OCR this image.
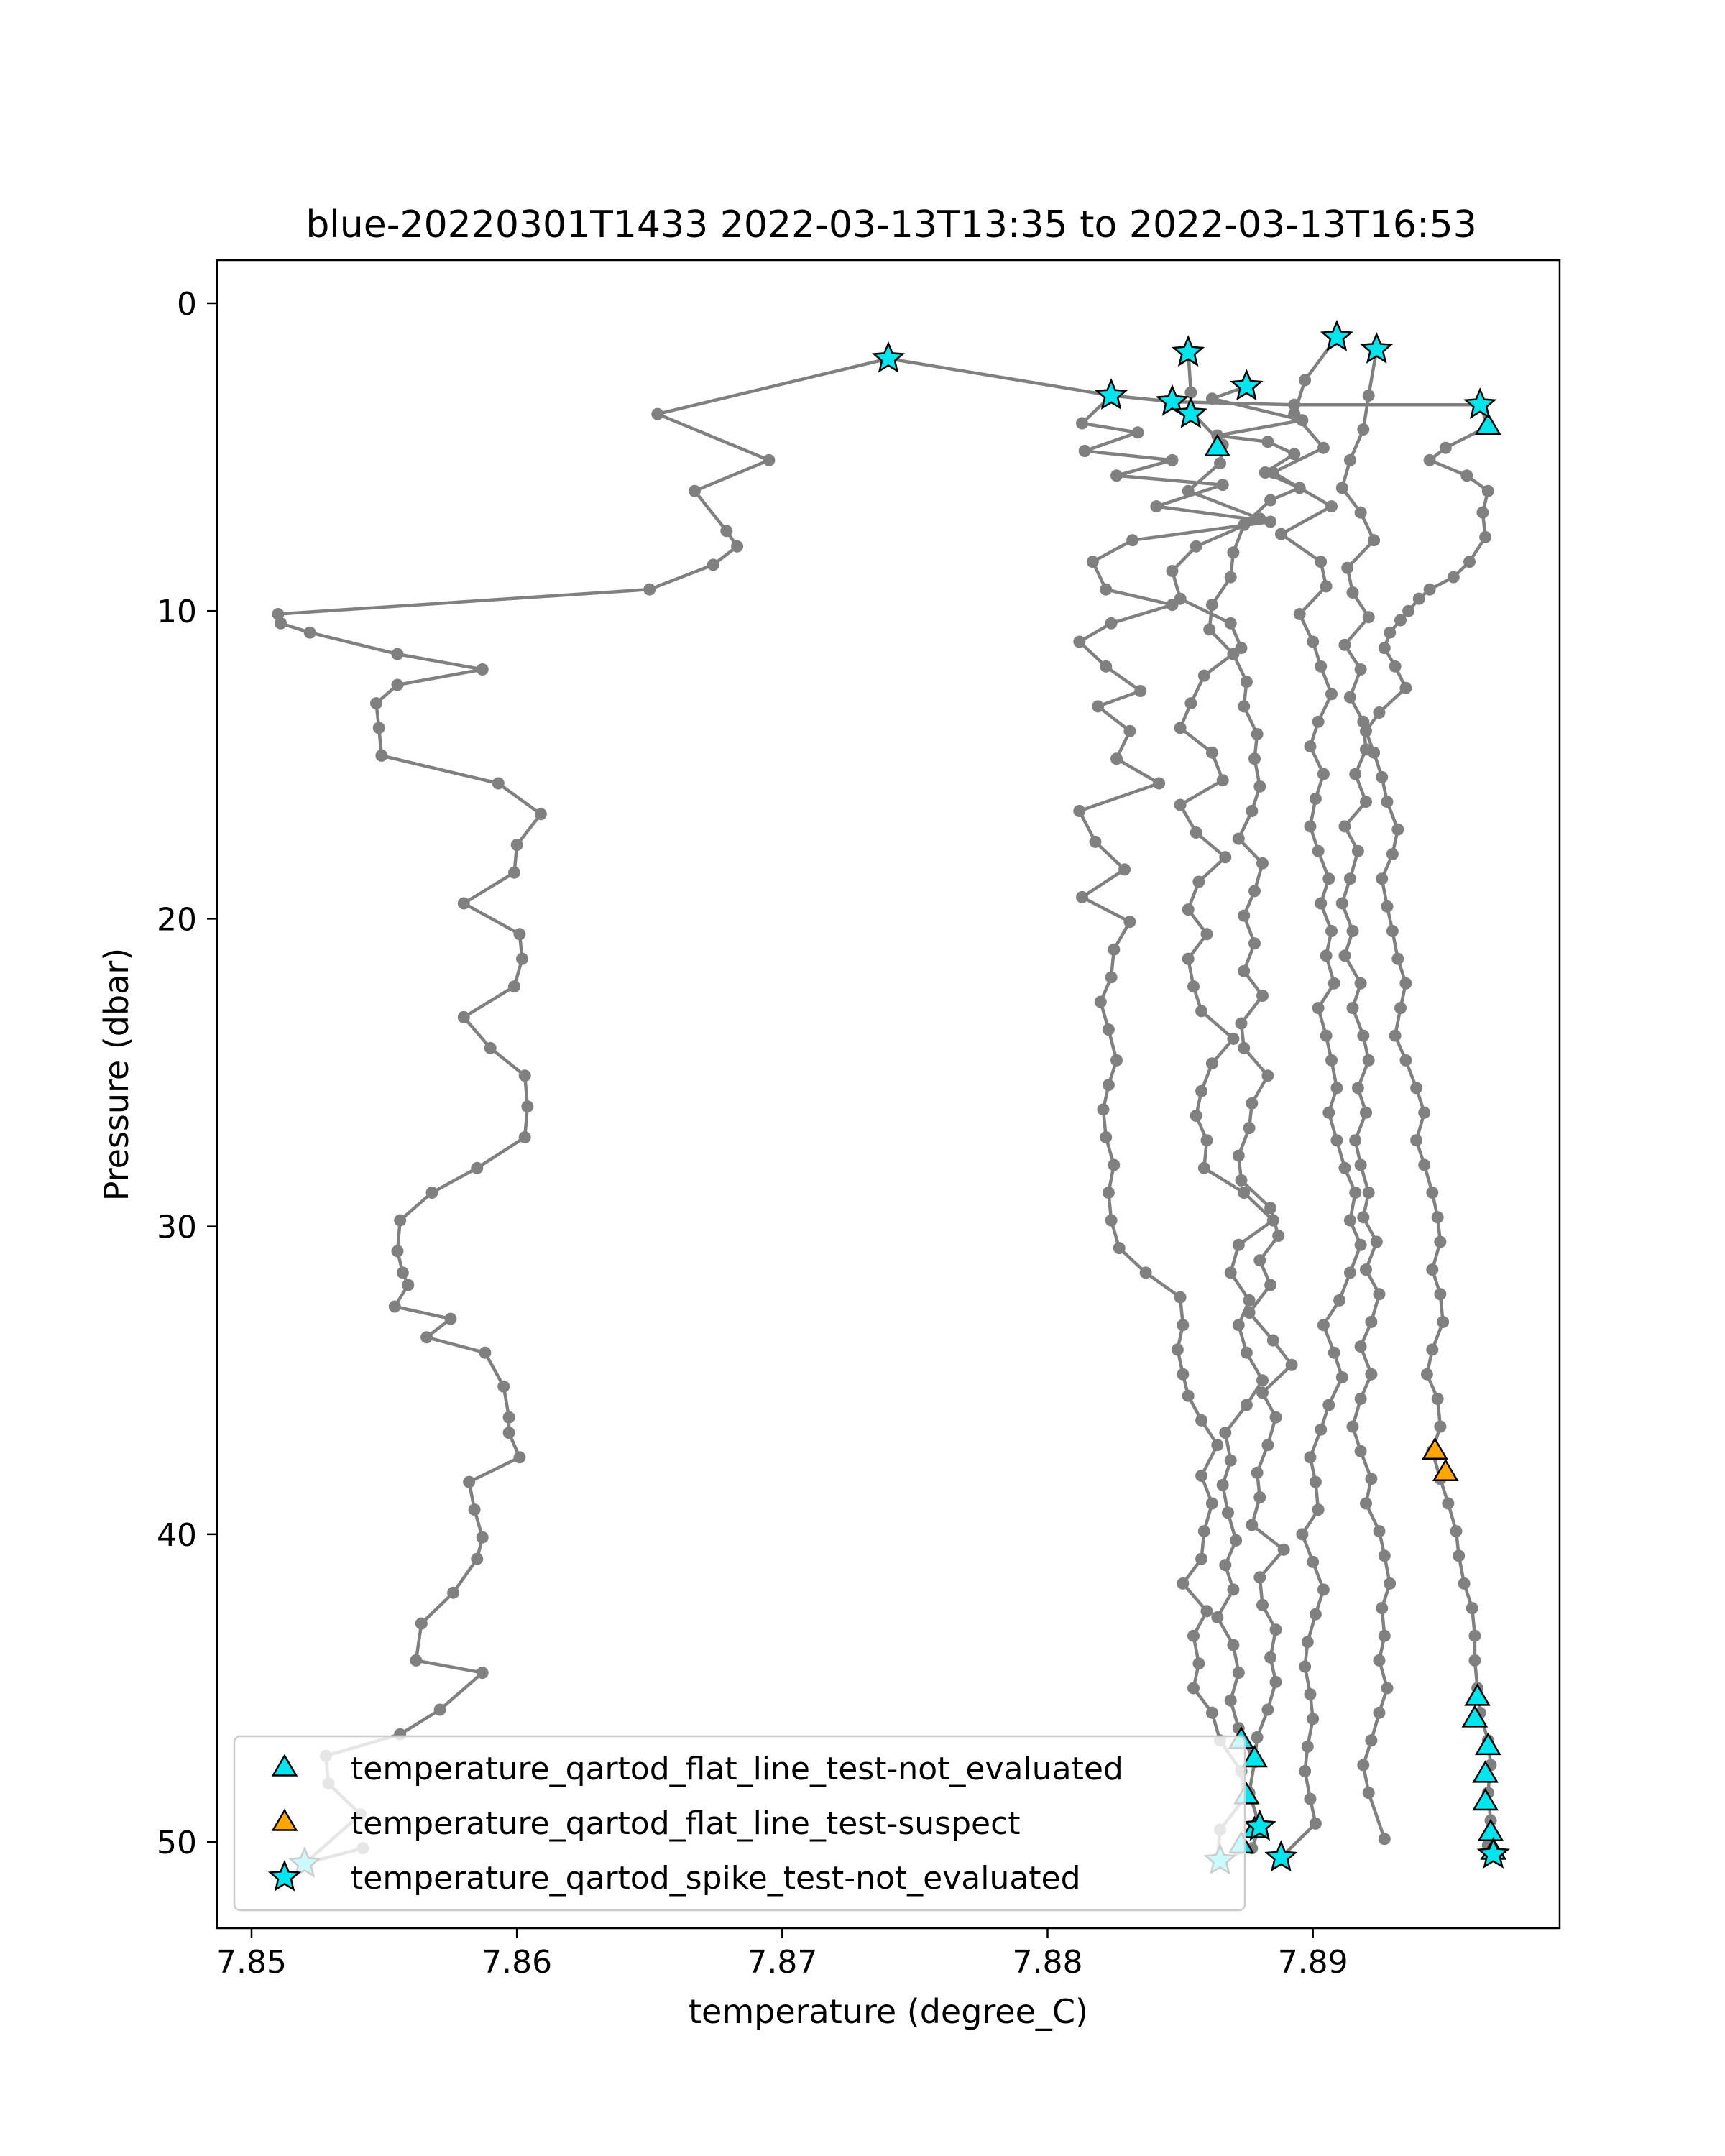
blue-20220301T1433 2022-03-13T13:35 to 2022-03-13T16:53
7.85	7.86	7.87	7.88	7.89
0
10
20
30
40
50
temperature_qartod_flat_line_test-not_evaluated
temperature_qartod_flat_line_test-suspect
temperature_qartod_spike_test-not_evaluated
temperature (degree_C)
Pressure (dbar)
